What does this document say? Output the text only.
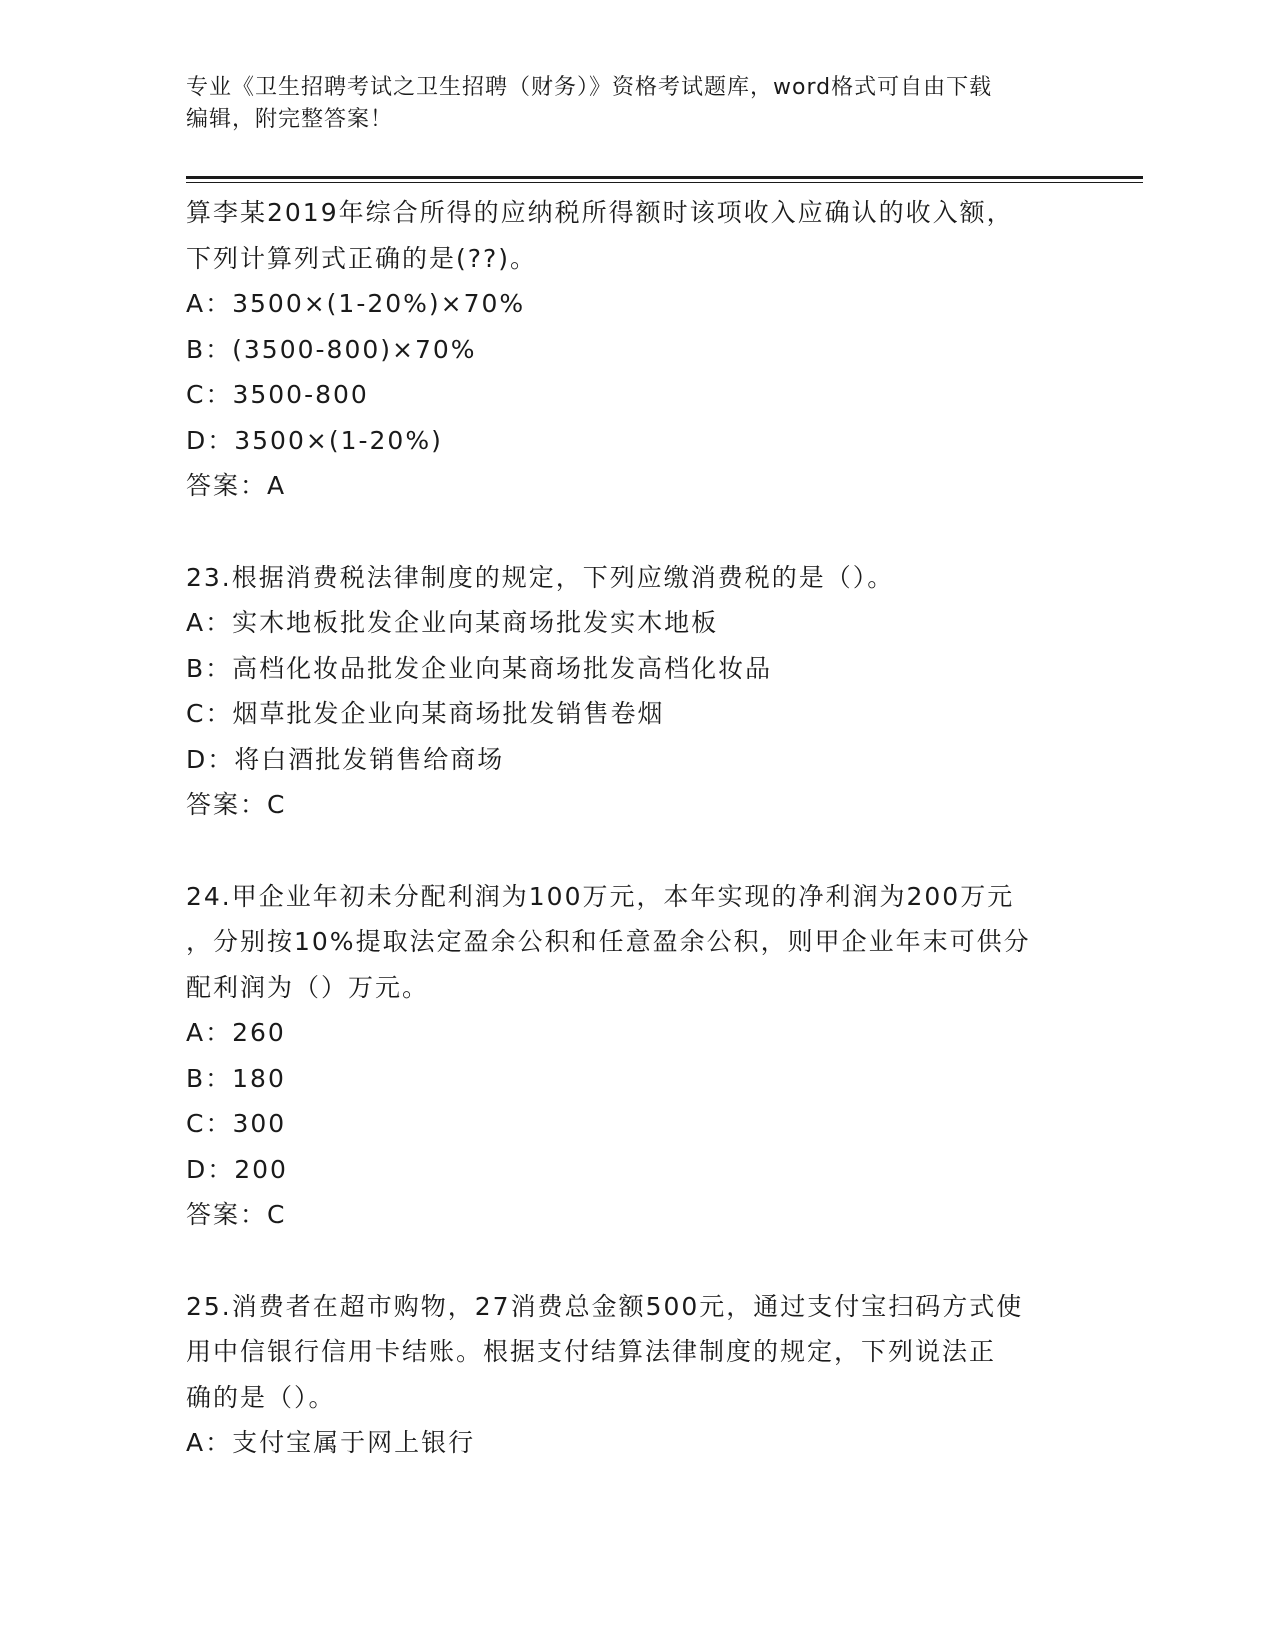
专业《卫生招聘考试之卫生招聘（财务）》资格考试题库，word格式可自由下载
编辑，附完整答案！
算李某2019年综合所得的应纳税所得额时该项收入应确认的收入额，
下列计算列式正确的是(??)。
A：3500×(1-20%)×70%
B：(3500-800)×70%
C：3500-800
D：3500×(1-20%)
答案：A
23.根据消费税法律制度的规定，下列应缴消费税的是（）。
A：实木地板批发企业向某商场批发实木地板
B：高档化妆品批发企业向某商场批发高档化妆品
C：烟草批发企业向某商场批发销售卷烟
D：将白酒批发销售给商场
答案：C
24.甲企业年初未分配利润为100万元，本年实现的净利润为200万元
，分别按10%提取法定盈余公积和任意盈余公积，则甲企业年末可供分
配利润为（）万元。
A：260
B：180
C：300
D：200
答案：C
25.消费者在超市购物，27消费总金额500元，通过支付宝扫码方式使
用中信银行信用卡结账。根据支付结算法律制度的规定，下列说法正
确的是（）。
A：支付宝属于网上银行
